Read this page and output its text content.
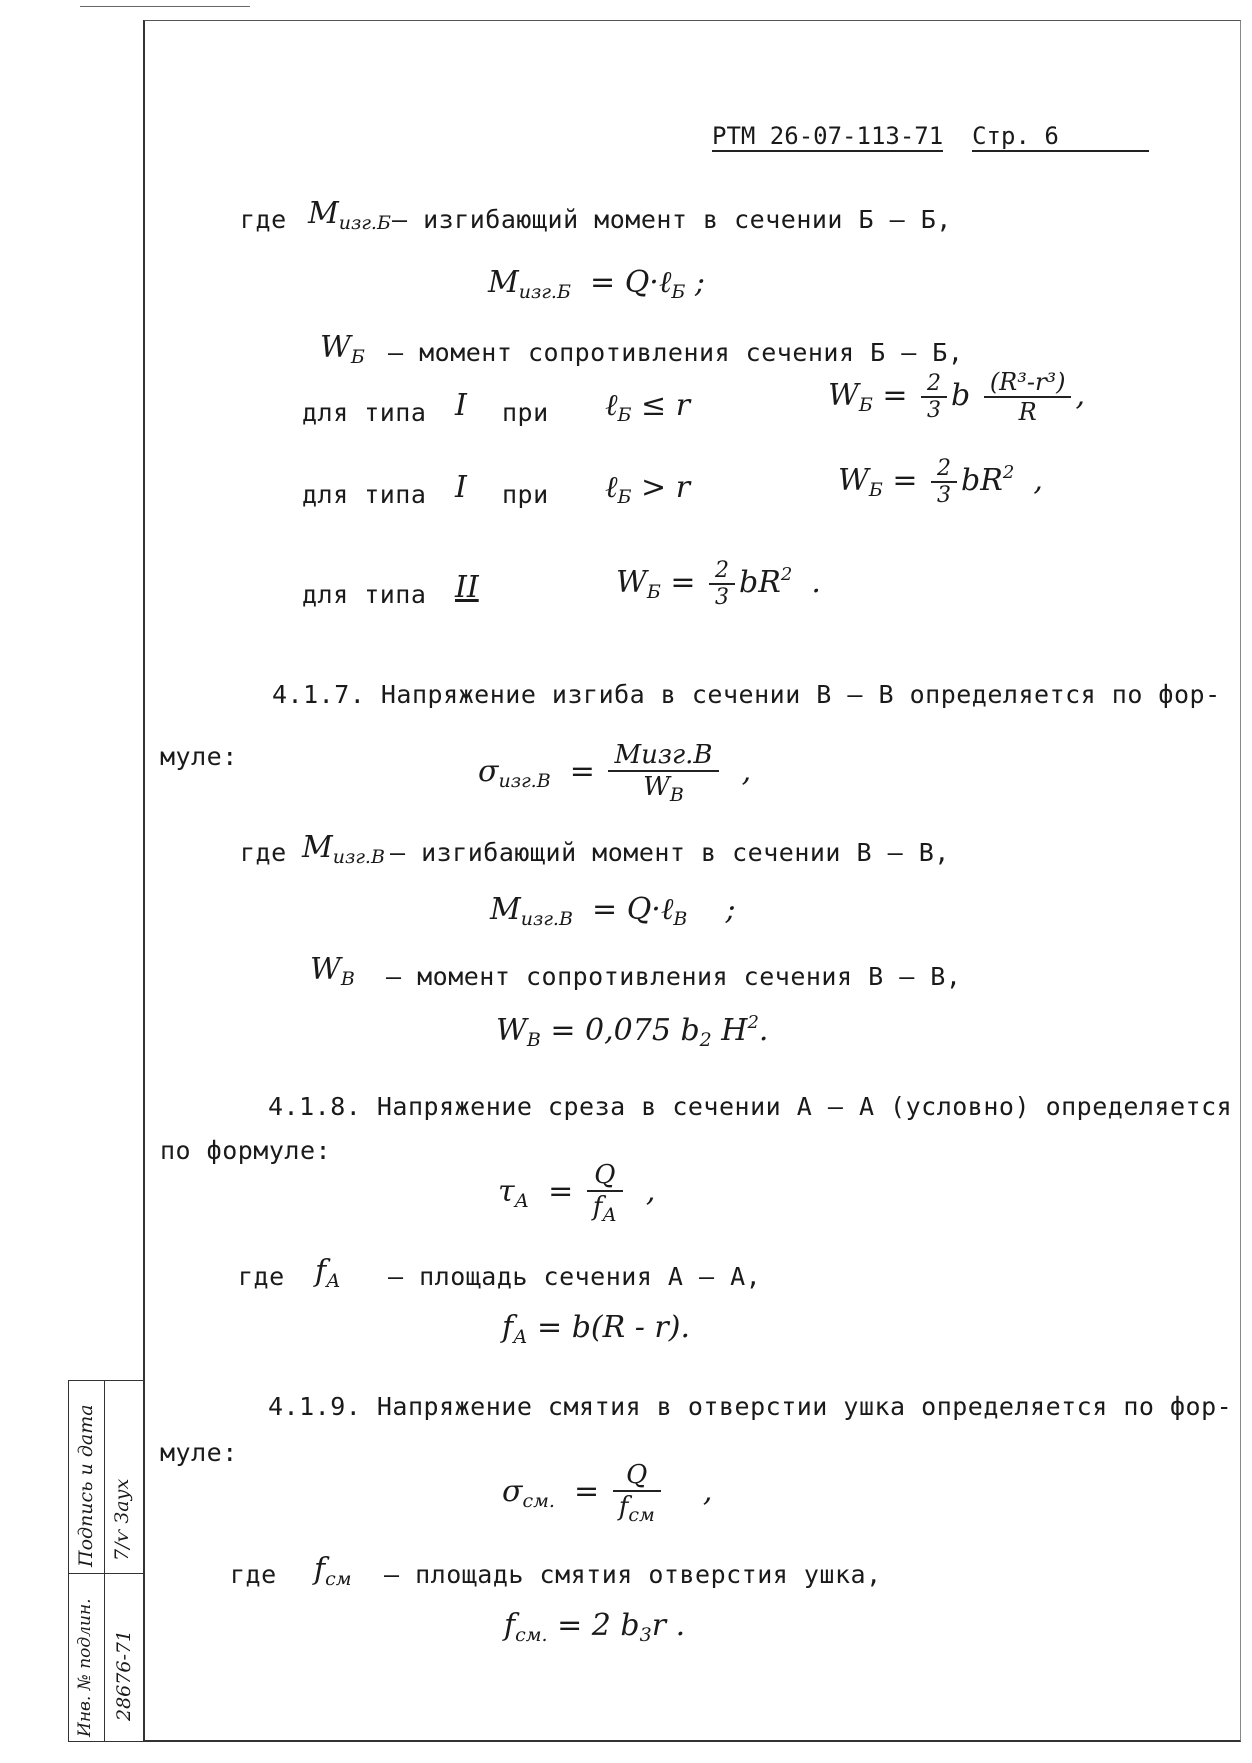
РТМ 26-07-113-71 Стр. 6
где $M_{изг.Б}$ – изгибающий момент в сечении Б – Б,
$M_{изг.Б}$ = Q·ℓ$_Б$ ;
$W_Б$ – момент сопротивления сечения Б – Б,
для типа I при ℓ$_Б$ ≤ r	$W_Б = \frac{2}{3}$ b $\frac{\text{(R³-r³)}}{R}$ ,
для типа I при ℓ$_Б$ > r	$W_Б = \frac{2}{3} bR^2$ ,
для типа II	$W_Б = \frac{2}{3} bR^2$ .
4.1.7. Напряжение изгиба в сечении В – В определяется по фор-
муле:	$\sigma_{изг.В} = \frac{\text{Mизг.В}}{W_В}$ ,
где $M_{изг.В}$ – изгибающий момент в сечении В – В,
$M_{изг.В}$ = Q·ℓ$_В$ ;
$W_В$ – момент сопротивления сечения В – В,
$W_В = 0,075$ $b_2$ $H^2$.
4.1.8. Напряжение среза в сечении А – А (условно) определяется
по формуле:
$\tau_А = \frac{Q}{f_А}$ ,
где $f_А$ – площадь сечения А – А,
$f_А = b(R - r)$.
4.1.9. Напряжение смятия в отверстии ушка определяется по фор-
муле:
$\sigma_{см.} = \frac{Q}{f_{см}}$ ,
где $f_{см}$ – площадь смятия отверстия ушка,
$f_{см.} = 2$ $b_3r$ .
Подпись и дата 7/ѵ Заух
Инв. № подлин. 28676-71
